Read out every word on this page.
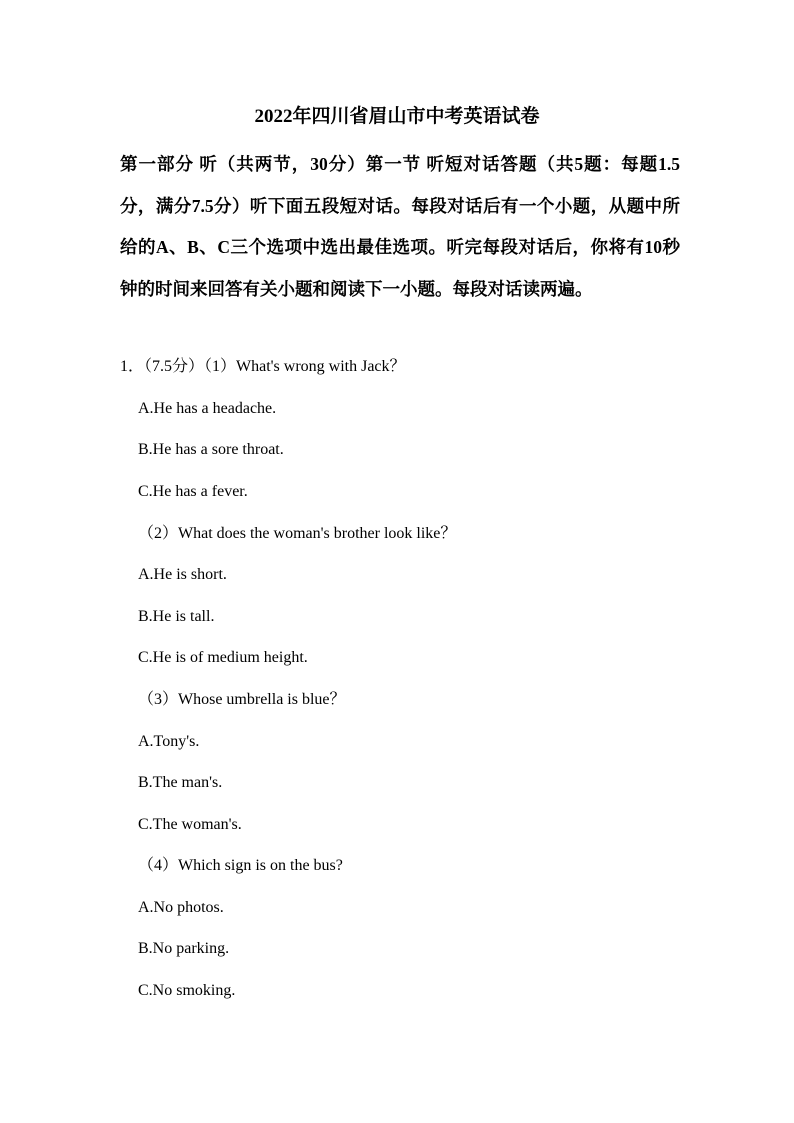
2022年四川省眉山市中考英语试卷
第一部分 听（共两节，30分）第一节 听短对话答题（共5题：每题1.5分，满分7.5分）听下面五段短对话。每段对话后有一个小题，从题中所给的A、B、C三个选项中选出最佳选项。听完每段对话后，你将有10秒钟的时间来回答有关小题和阅读下一小题。每段对话读两遍。
1．（7.5分）（1）What's wrong with Jack？
A.He has a headache.
B.He has a sore throat.
C.He has a fever.
（2）What does the woman's brother look like？
A.He is short.
B.He is tall.
C.He is of medium height.
（3）Whose umbrella is blue？
A.Tony's.
B.The man's.
C.The woman's.
（4）Which sign is on the bus?
A.No photos.
B.No parking.
C.No smoking.
